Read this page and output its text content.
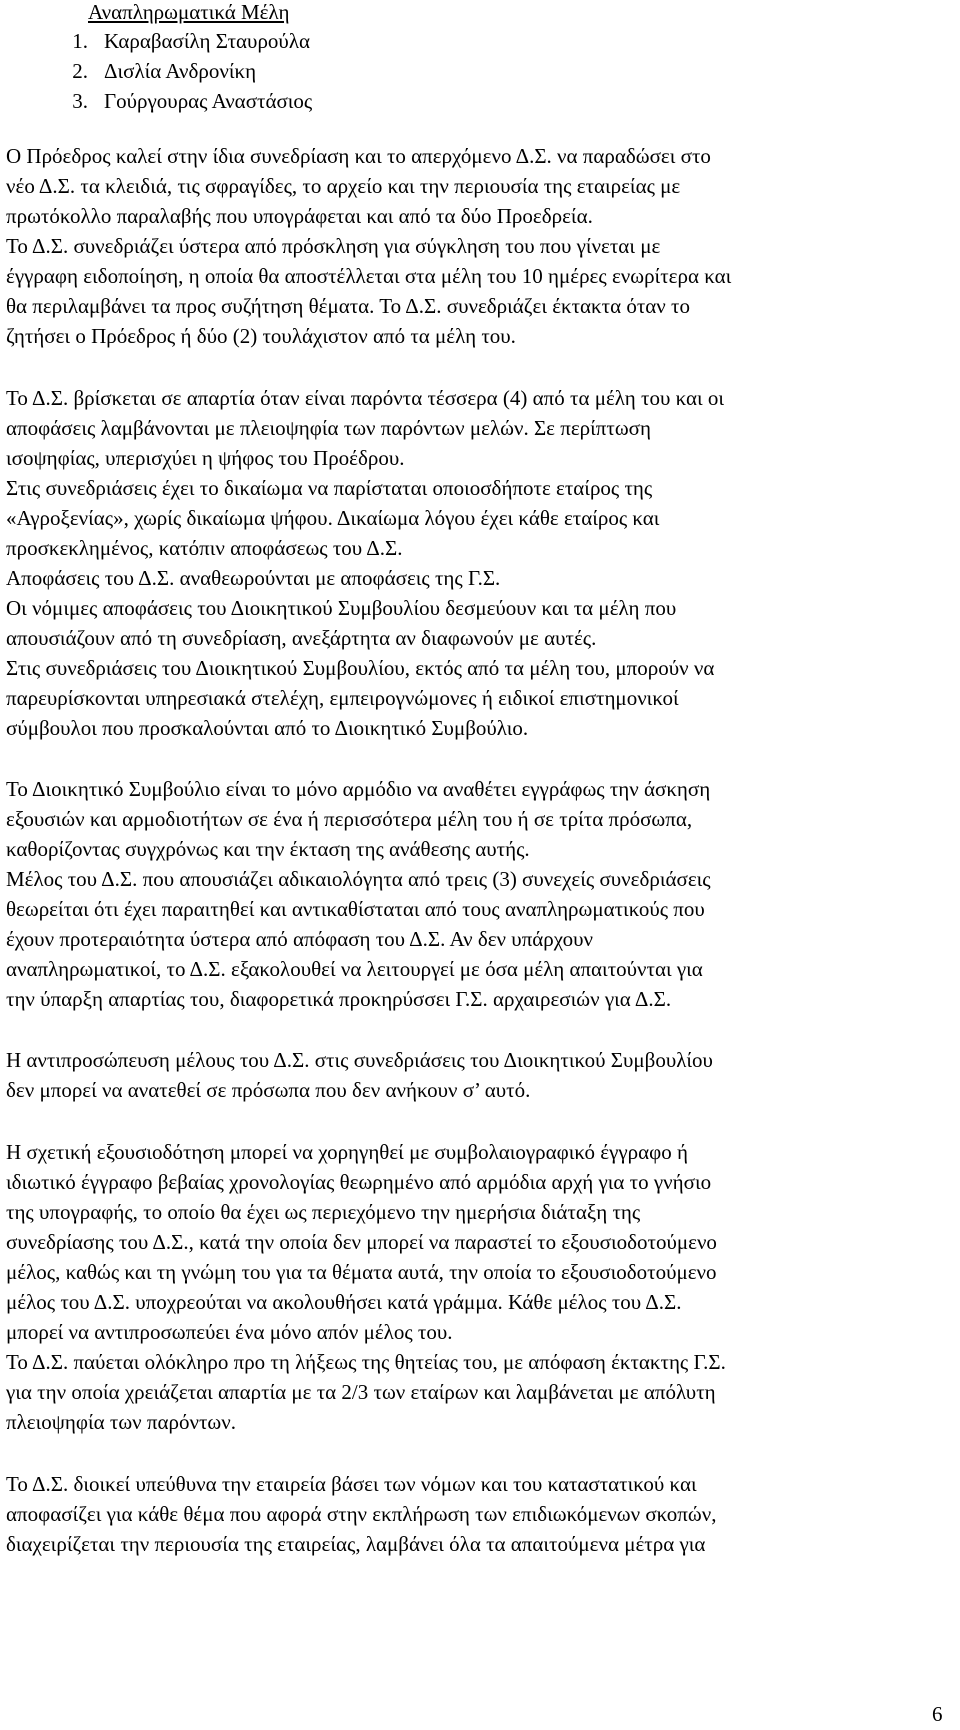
Αναπληρωματικά Μέλη
1. Καραβασίλη Σταυρούλα
2. Δισλία Ανδρονίκη
3. Γούργουρας Αναστάσιος
Ο Πρόεδρος καλεί στην ίδια συνεδρίαση και το απερχόμενο Δ.Σ. να παραδώσει στο
νέο Δ.Σ. τα κλειδιά, τις σφραγίδες, το αρχείο και την περιουσία της εταιρείας με
πρωτόκολλο παραλαβής που υπογράφεται και από τα δύο Προεδρεία.
Το Δ.Σ. συνεδριάζει ύστερα από πρόσκληση για σύγκληση του που γίνεται με
έγγραφη ειδοποίηση, η οποία θα αποστέλλεται στα μέλη του 10 ημέρες ενωρίτερα και
θα περιλαμβάνει τα προς συζήτηση θέματα. Το Δ.Σ. συνεδριάζει έκτακτα όταν το
ζητήσει ο Πρόεδρος ή δύο (2) τουλάχιστον από τα μέλη του.
Το Δ.Σ. βρίσκεται σε απαρτία όταν είναι παρόντα τέσσερα (4) από τα μέλη του και οι
αποφάσεις λαμβάνονται με πλειοψηφία των παρόντων μελών. Σε περίπτωση
ισοψηφίας, υπερισχύει η ψήφος του Προέδρου.
Στις συνεδριάσεις έχει το δικαίωμα να παρίσταται οποιοσδήποτε εταίρος της
«Αγροξενίας», χωρίς δικαίωμα ψήφου. Δικαίωμα λόγου έχει κάθε εταίρος και
προσκεκλημένος, κατόπιν αποφάσεως του Δ.Σ.
Αποφάσεις του Δ.Σ. αναθεωρούνται με αποφάσεις της Γ.Σ.
Οι νόμιμες αποφάσεις του Διοικητικού Συμβουλίου δεσμεύουν και τα μέλη που
απουσιάζουν από τη συνεδρίαση, ανεξάρτητα αν διαφωνούν με αυτές.
Στις συνεδριάσεις του Διοικητικού Συμβουλίου, εκτός από τα μέλη του, μπορούν να
παρευρίσκονται υπηρεσιακά στελέχη, εμπειρογνώμονες ή ειδικοί επιστημονικοί
σύμβουλοι που προσκαλούνται από το Διοικητικό Συμβούλιο.
Το Διοικητικό Συμβούλιο είναι το μόνο αρμόδιο να αναθέτει εγγράφως την άσκηση
εξουσιών και αρμοδιοτήτων σε ένα ή περισσότερα μέλη του ή σε τρίτα πρόσωπα,
καθορίζοντας συγχρόνως και την έκταση της ανάθεσης αυτής.
Μέλος του Δ.Σ. που απουσιάζει αδικαιολόγητα από τρεις (3) συνεχείς συνεδριάσεις
θεωρείται ότι έχει παραιτηθεί και αντικαθίσταται από τους αναπληρωματικούς που
έχουν προτεραιότητα ύστερα από απόφαση του Δ.Σ. Αν δεν υπάρχουν
αναπληρωματικοί, το Δ.Σ. εξακολουθεί να λειτουργεί με όσα μέλη απαιτούνται για
την ύπαρξη απαρτίας του, διαφορετικά προκηρύσσει Γ.Σ. αρχαιρεσιών για Δ.Σ.
Η αντιπροσώπευση μέλους του Δ.Σ. στις συνεδριάσεις του Διοικητικού Συμβουλίου
δεν μπορεί να ανατεθεί σε πρόσωπα που δεν ανήκουν σ’ αυτό.
Η σχετική εξουσιοδότηση μπορεί να χορηγηθεί με συμβολαιογραφικό έγγραφο ή
ιδιωτικό έγγραφο βεβαίας χρονολογίας θεωρημένο από αρμόδια αρχή για το γνήσιο
της υπογραφής, το οποίο θα έχει ως περιεχόμενο την ημερήσια διάταξη της
συνεδρίασης του Δ.Σ., κατά την οποία δεν μπορεί να παραστεί το εξουσιοδοτούμενο
μέλος, καθώς και τη γνώμη του για τα θέματα αυτά, την οποία το εξουσιοδοτούμενο
μέλος του Δ.Σ. υποχρεούται να ακολουθήσει κατά γράμμα. Κάθε μέλος του Δ.Σ.
μπορεί να αντιπροσωπεύει ένα μόνο απόν μέλος του.
Το Δ.Σ. παύεται ολόκληρο προ τη λήξεως της θητείας του, με απόφαση έκτακτης Γ.Σ.
για την οποία χρειάζεται απαρτία με τα 2/3 των εταίρων και λαμβάνεται με απόλυτη
πλειοψηφία των παρόντων.
Το Δ.Σ. διοικεί υπεύθυνα την εταιρεία βάσει των νόμων και του καταστατικού και
αποφασίζει για κάθε θέμα που αφορά στην εκπλήρωση των επιδιωκόμενων σκοπών,
διαχειρίζεται την περιουσία της εταιρείας, λαμβάνει όλα τα απαιτούμενα μέτρα για
6
